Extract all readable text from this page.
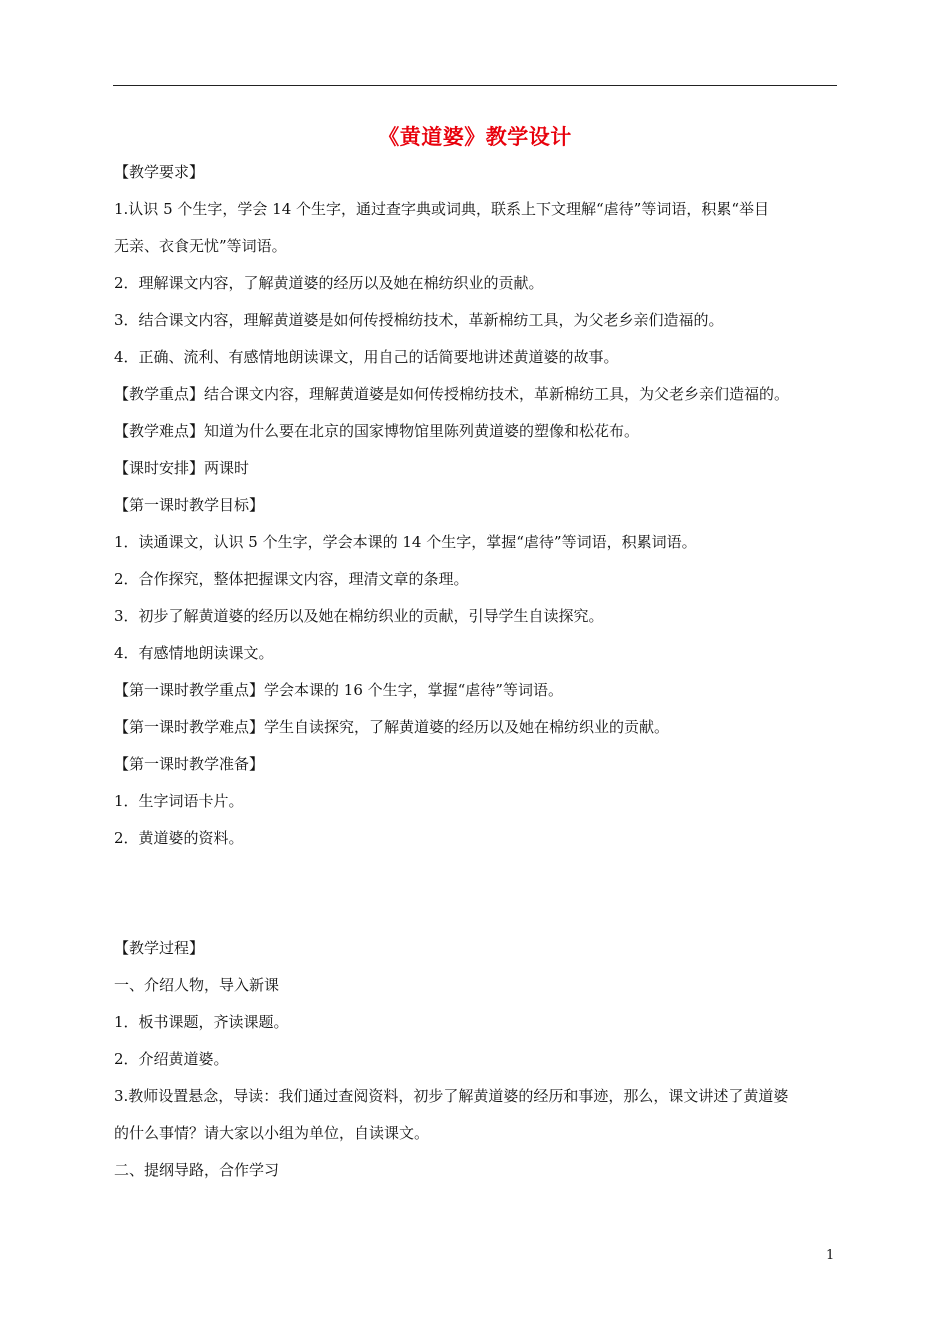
《黄道婆》教学设计
【教学要求】
1.认识 5 个生字，学会 14 个生字，通过查字典或词典，联系上下文理解“虐待”等词语，积累“举目
无亲、衣食无忧”等词语。
2．理解课文内容，了解黄道婆的经历以及她在棉纺织业的贡献。
3．结合课文内容，理解黄道婆是如何传授棉纺技术，革新棉纺工具，为父老乡亲们造福的。
4．正确、流利、有感情地朗读课文，用自己的话简要地讲述黄道婆的故事。
【教学重点】结合课文内容，理解黄道婆是如何传授棉纺技术，革新棉纺工具，为父老乡亲们造福的。
【教学难点】知道为什么要在北京的国家博物馆里陈列黄道婆的塑像和松花布。
【课时安排】两课时
【第一课时教学目标】
1．读通课文，认识 5 个生字，学会本课的 14 个生字，掌握“虐待”等词语，积累词语。
2．合作探究，整体把握课文内容，理清文章的条理。
3．初步了解黄道婆的经历以及她在棉纺织业的贡献，引导学生自读探究。
4．有感情地朗读课文。
【第一课时教学重点】学会本课的 16 个生字，掌握“虐待”等词语。
【第一课时教学难点】学生自读探究，了解黄道婆的经历以及她在棉纺织业的贡献。
【第一课时教学准备】
1．生字词语卡片。
2．黄道婆的资料。
【教学过程】
一、介绍人物，导入新课
1．板书课题，齐读课题。
2．介绍黄道婆。
3.教师设置悬念，导读：我们通过查阅资料，初步了解黄道婆的经历和事迹，那么，课文讲述了黄道婆
的什么事情？请大家以小组为单位，自读课文。
二、提纲导路，合作学习
1
